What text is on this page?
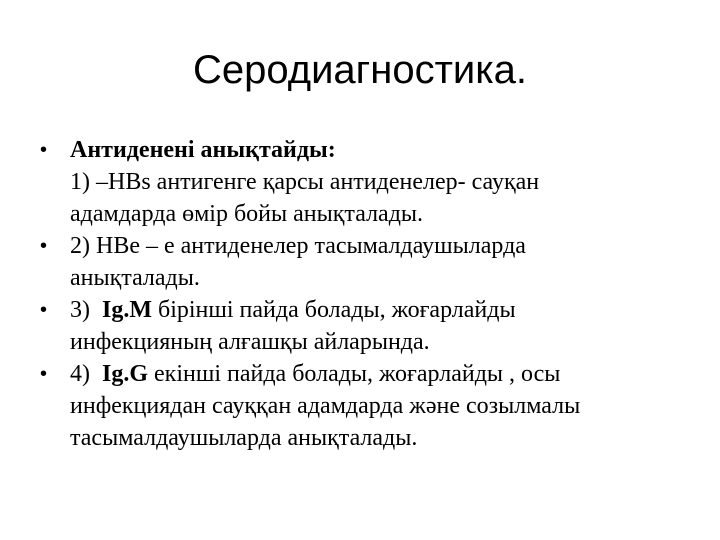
Серодиагностика.
• Антидененi анықтайды:
1) –HBs антигенге қарсы антиденелер- сауқан
адамдарда өмір бойы анықталады.
• 2) HBe – е антиденелер тасымалдаушыларда
анықталады.
• 3)  Ig.M бірінші пайда болады, жоғарлайды
инфекцияның алғашқы айларында.
• 4)  Ig.G екінші пайда болады, жоғарлайды , осы
инфекциядан сауққан адамдарда және созылмалы
тасымалдаушыларда анықталады.
